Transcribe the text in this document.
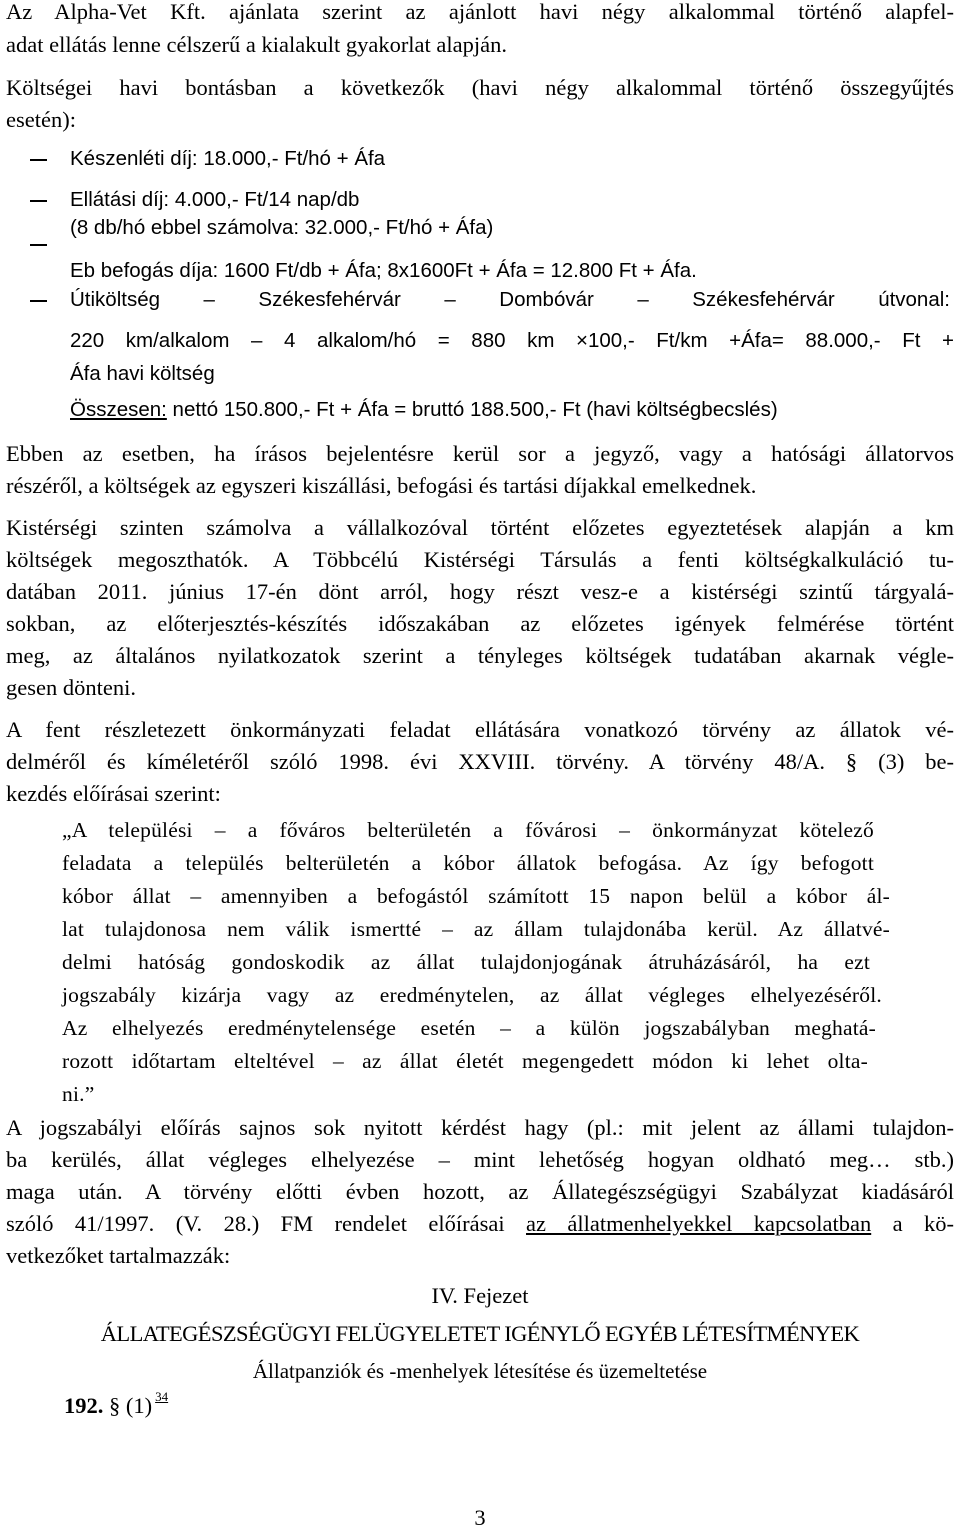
Az Alpha-Vet Kft. ajánlata szerint az ajánlott havi négy alkalommal történő alapfel-
adat ellátás lenne célszerű a kialakult gyakorlat alapján.
Költségei havi bontásban a következők (havi négy alkalommal történő összegyűjtés
esetén):
Készenléti díj: 18.000,- Ft/hó + Áfa
Ellátási díj: 4.000,- Ft/14 nap/db
(8 db/hó ebbel számolva: 32.000,- Ft/hó + Áfa)
Eb befogás díja: 1600 Ft/db + Áfa; 8x1600Ft + Áfa = 12.800 Ft + Áfa.
Útiköltség – Székesfehérvár – Dombóvár – Székesfehérvár útvonal:
220 km/alkalom – 4 alkalom/hó = 880 km ×100,- Ft/km +Áfa= 88.000,- Ft +
Áfa havi költség
Összesen: nettó 150.800,- Ft + Áfa = bruttó 188.500,- Ft (havi költségbecslés)
Ebben az esetben, ha írásos bejelentésre kerül sor a jegyző, vagy a hatósági állatorvos
részéről, a költségek az egyszeri kiszállási, befogási és tartási díjakkal emelkednek.
Kistérségi szinten számolva a vállalkozóval történt előzetes egyeztetések alapján a km
költségek megoszthatók. A Többcélú Kistérségi Társulás a fenti költségkalkuláció tu-
datában 2011. június 17-én dönt arról, hogy részt vesz-e a kistérségi szintű tárgyalá-
sokban, az előterjesztés-készítés időszakában az előzetes igények felmérése történt
meg, az általános nyilatkozatok szerint a tényleges költségek tudatában akarnak végle-
gesen dönteni.
A fent részletezett önkormányzati feladat ellátására vonatkozó törvény az állatok vé-
delméről és kíméletéről szóló 1998. évi XXVIII. törvény. A törvény 48/A. § (3) be-
kezdés előírásai szerint:
„A települési – a főváros belterületén a fővárosi – önkormányzat kötelező
feladata a település belterületén a kóbor állatok befogása. Az így befogott
kóbor állat – amennyiben a befogástól számított 15 napon belül a kóbor ál-
lat tulajdonosa nem válik ismertté – az állam tulajdonába kerül. Az állatvé-
delmi hatóság gondoskodik az állat tulajdonjogának átruházásáról, ha ezt
jogszabály kizárja vagy az eredménytelen, az állat végleges elhelyezéséről.
Az elhelyezés eredménytelensége esetén – a külön jogszabályban meghatá-
rozott időtartam elteltével – az állat életét megengedett módon ki lehet olta-
ni.”
A jogszabályi előírás sajnos sok nyitott kérdést hagy (pl.: mit jelent az állami tulajdon-
ba kerülés, állat végleges elhelyezése – mint lehetőség hogyan oldható meg… stb.)
maga után. A törvény előtti évben hozott, az Állategészségügyi Szabályzat kiadásáról
szóló 41/1997. (V. 28.) FM rendelet előírásai az állatmenhelyekkel kapcsolatban a kö-
vetkezőket tartalmazzák:
IV. Fejezet
ÁLLATEGÉSZSÉGÜGYI FELÜGYELETET IGÉNYLŐ EGYÉB LÉTESÍTMÉNYEK
Állatpanziók és -menhelyek létesítése és üzemeltetése
192. § (1) $^{34}$
3
